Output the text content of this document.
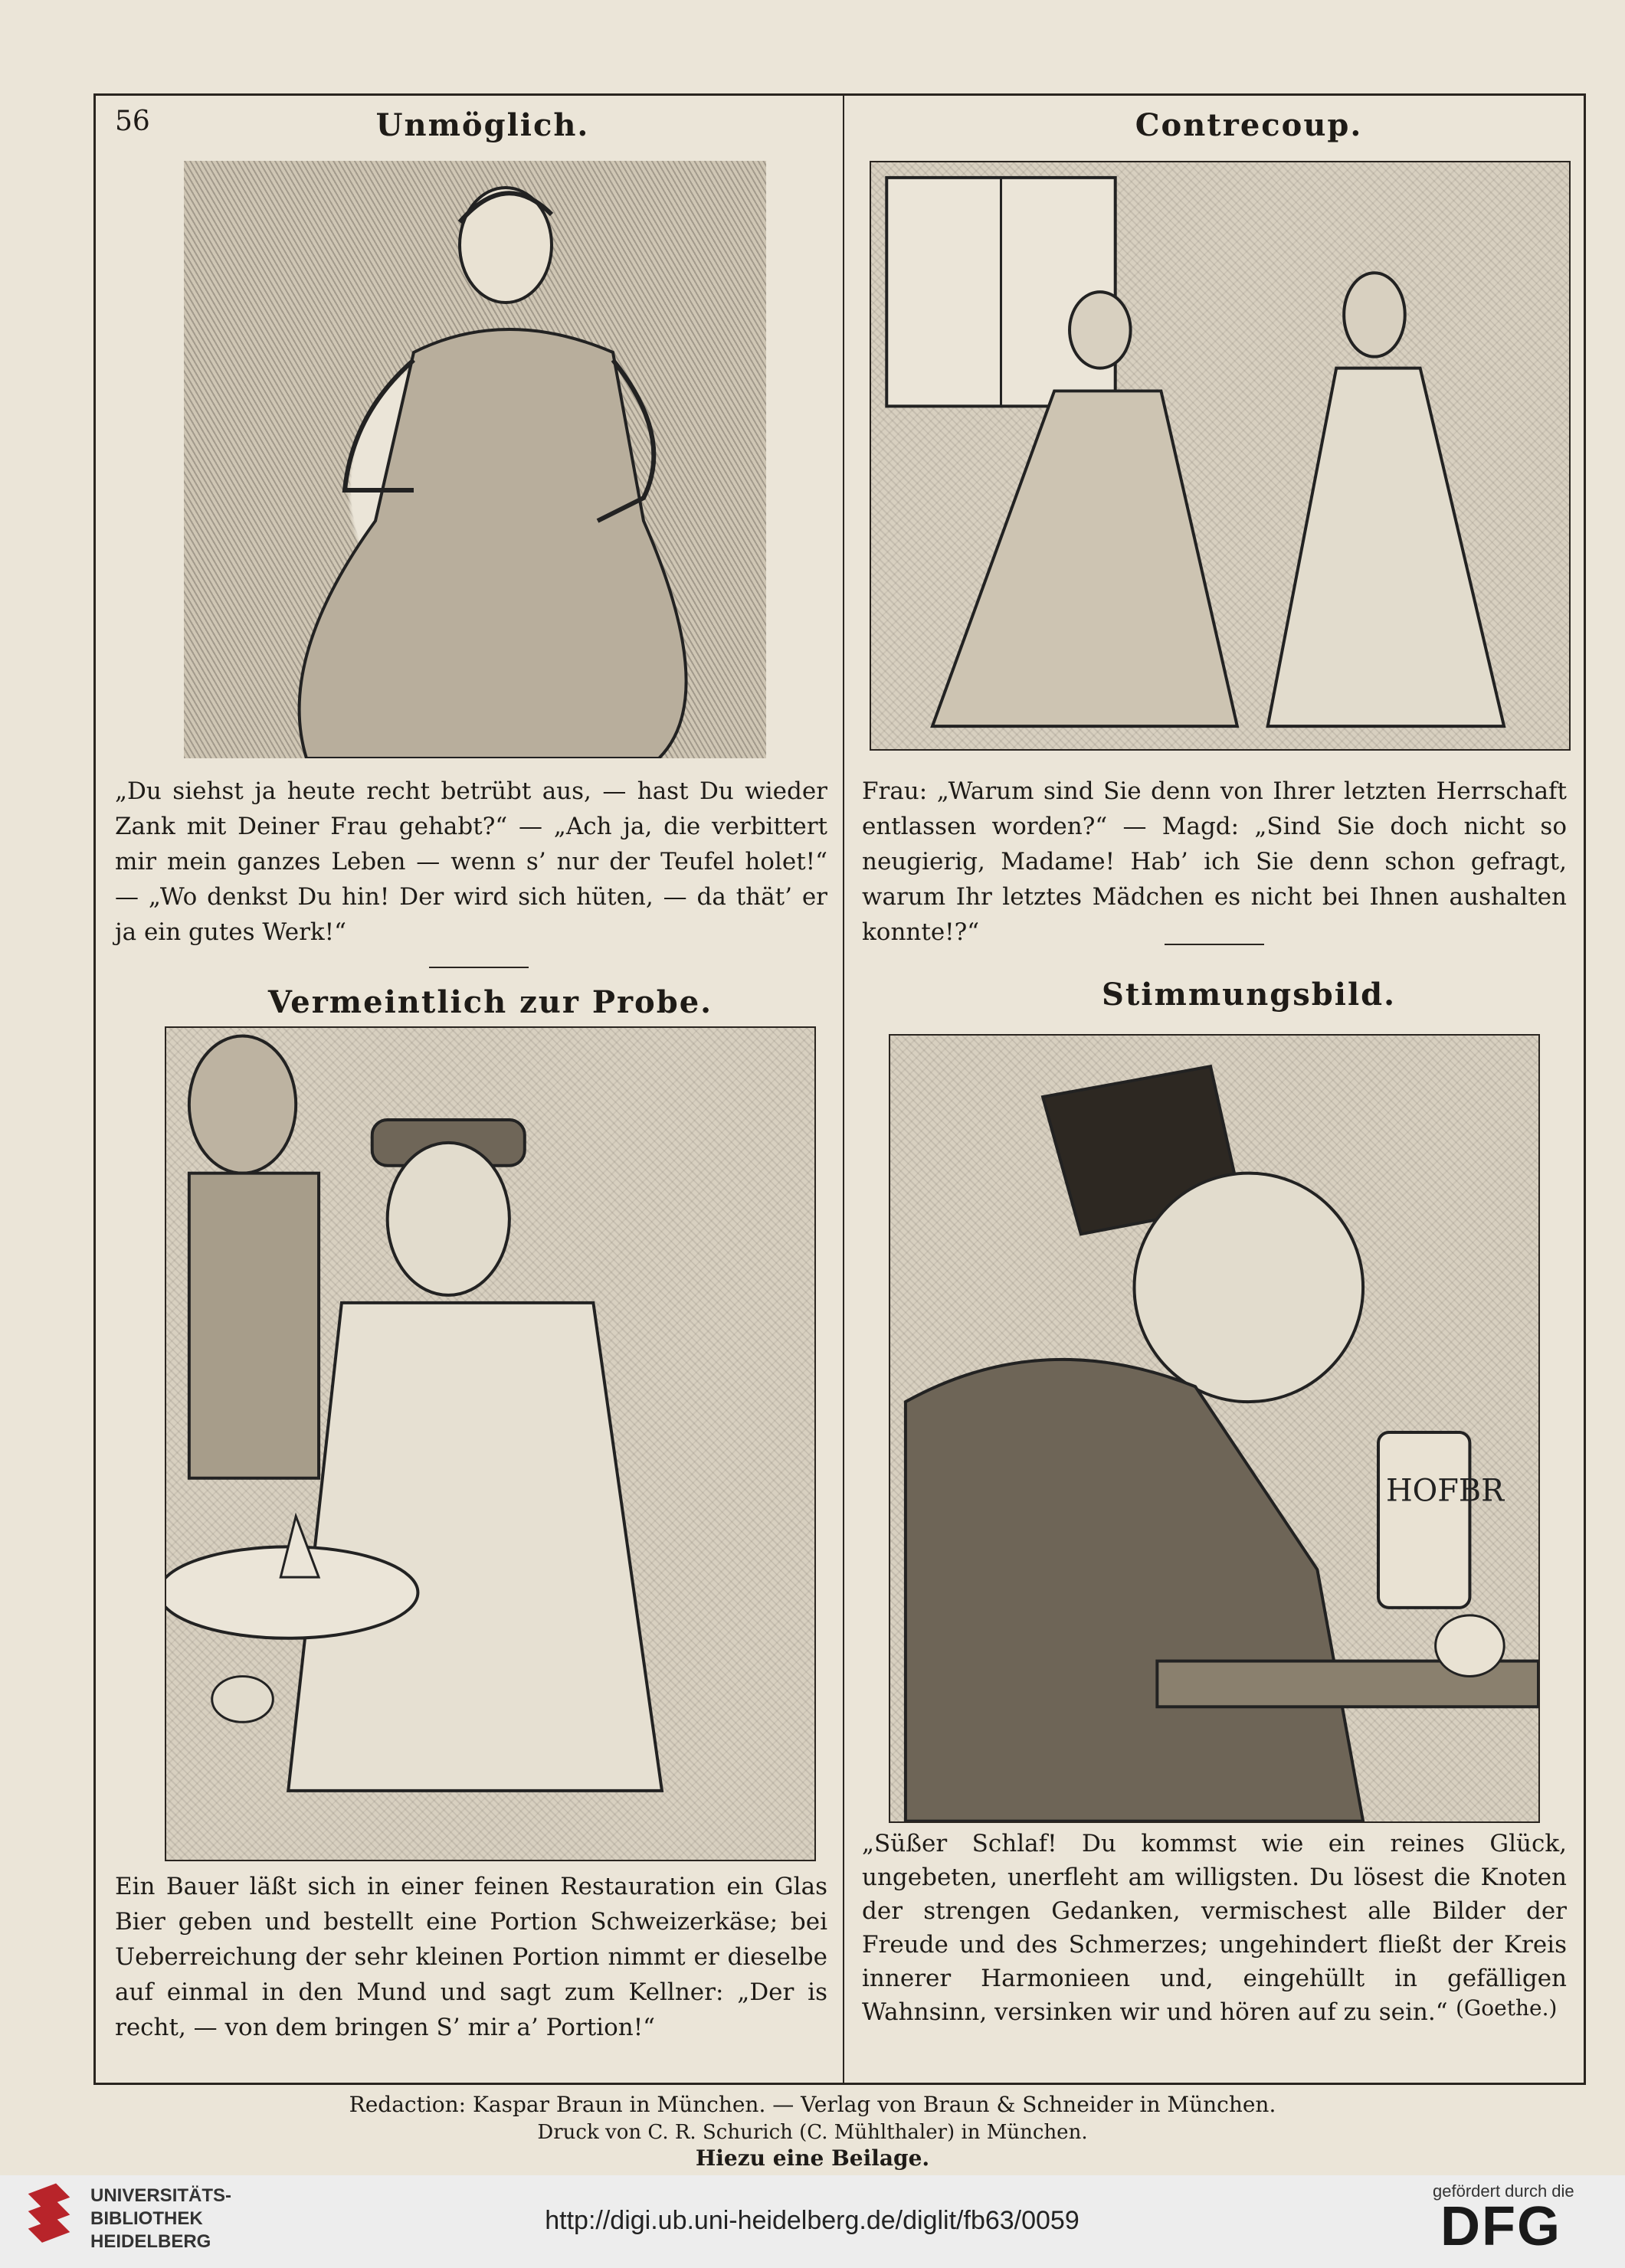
56	Unmöglich.

„Du siehst ja heute recht betrübt aus, — hast Du wieder Zank mit Deiner Frau gehabt?“ — „Ach ja, die verbittert mir mein ganzes Leben — wenn s’ nur der Teufel holet!“ — „Wo denkst Du hin! Der wird sich hüten, — da thät’ er ja ein gutes Werk!“

Contrecoup.

Frau: „Warum sind Sie denn von Ihrer letzten Herrschaft entlassen worden?“ — Magd: „Sind Sie doch nicht so neugierig, Madame! Hab’ ich Sie denn schon gefragt, warum Ihr letztes Mädchen es nicht bei Ihnen aushalten konnte!?“

Vermeintlich zur Probe.

Ein Bauer läßt sich in einer feinen Restauration ein Glas Bier geben und bestellt eine Portion Schweizerkäse; bei Ueberreichung der sehr kleinen Portion nimmt er dieselbe auf einmal in den Mund und sagt zum Kellner: „Der is recht, — von dem bringen S’ mir a’ Portion!“

Stimmungsbild.
HOFBR

„Süßer Schlaf! Du kommst wie ein reines Glück, ungebeten, unerfleht am willigsten. Du lösest die Knoten der strengen Gedanken, vermischest alle Bilder der Freude und des Schmerzes; ungehindert fließt der Kreis innerer Harmonieen und, eingehüllt in gefälligen Wahnsinn, versinken wir und hören auf zu sein.“ (Goethe.)
Redaction: Kaspar Braun in München. — Verlag von Braun & Schneider in München.
Druck von C. R. Schurich (C. Mühlthaler) in München.
Hiezu eine Beilage.
UNIVERSITÄTS-
BIBLIOTHEK
HEIDELBERG
http://digi.ub.uni-heidelberg.de/diglit/fb63/0059
gefördert durch die
DFG
